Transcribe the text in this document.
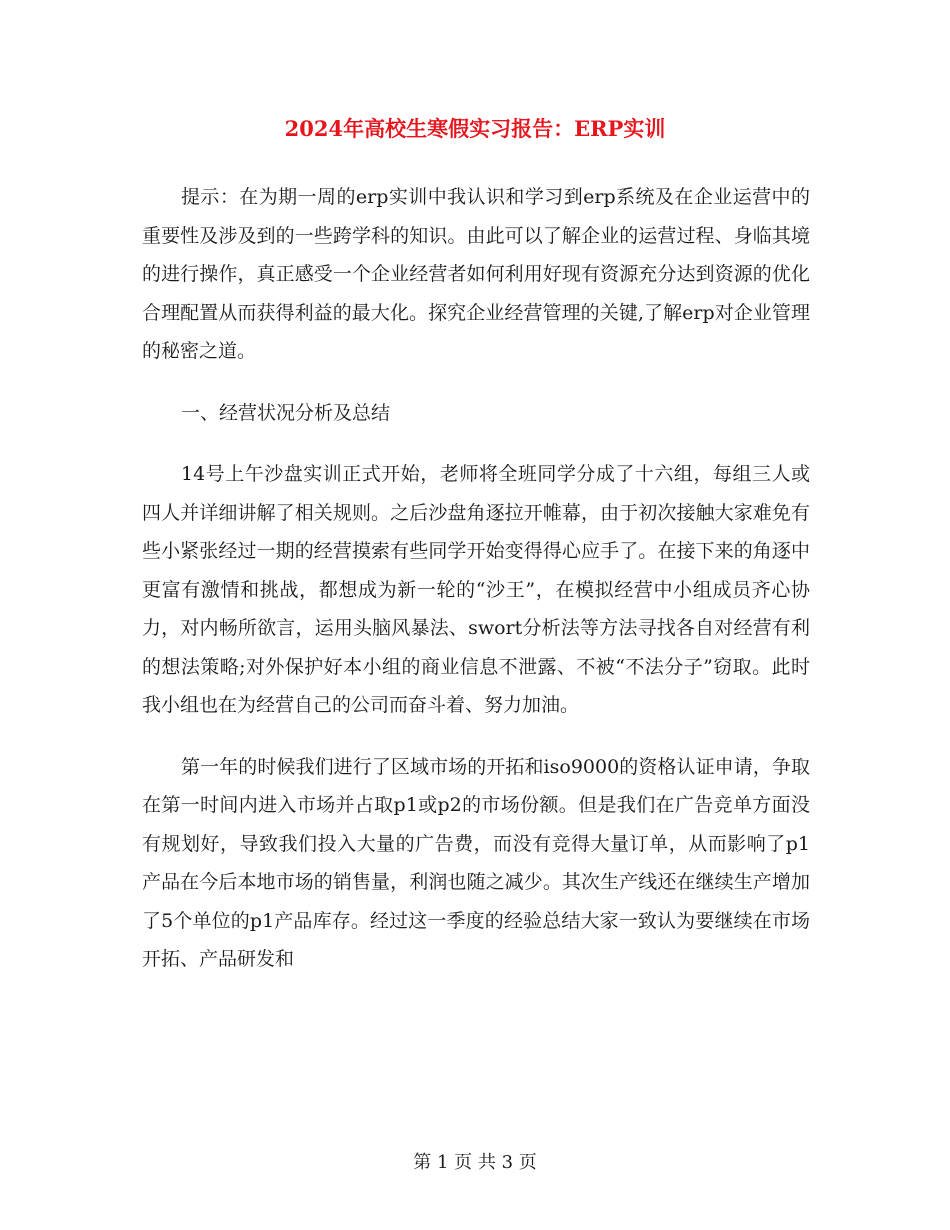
2024年高校生寒假实习报告：ERP实训

提示：在为期一周的erp实训中我认识和学习到erp系统及在企业运营中的重要性及涉及到的一些跨学科的知识。由此可以了解企业的运营过程、身临其境的进行操作，真正感受一个企业经营者如何利用好现有资源充分达到资源的优化合理配置从而获得利益的最大化。探究企业经营管理的关键,了解erp对企业管理的秘密之道。

一、经营状况分析及总结

14号上午沙盘实训正式开始，老师将全班同学分成了十六组，每组三人或四人并详细讲解了相关规则。之后沙盘角逐拉开帷幕，由于初次接触大家难免有些小紧张经过一期的经营摸索有些同学开始变得得心应手了。在接下来的角逐中更富有激情和挑战，都想成为新一轮的“沙王”，在模拟经营中小组成员齐心协力，对内畅所欲言，运用头脑风暴法、swort分析法等方法寻找各自对经营有利的想法策略;对外保护好本小组的商业信息不泄露、不被“不法分子”窃取。此时我小组也在为经营自己的公司而奋斗着、努力加油。

第一年的时候我们进行了区域市场的开拓和iso9000的资格认证申请，争取在第一时间内进入市场并占取p1或p2的市场份额。但是我们在广告竞单方面没有规划好，导致我们投入大量的广告费，而没有竞得大量订单，从而影响了p1产品在今后本地市场的销售量，利润也随之减少。其次生产线还在继续生产增加了5个单位的p1产品库存。经过这一季度的经验总结大家一致认为要继续在市场开拓、产品研发和

第 1 页 共 3 页
